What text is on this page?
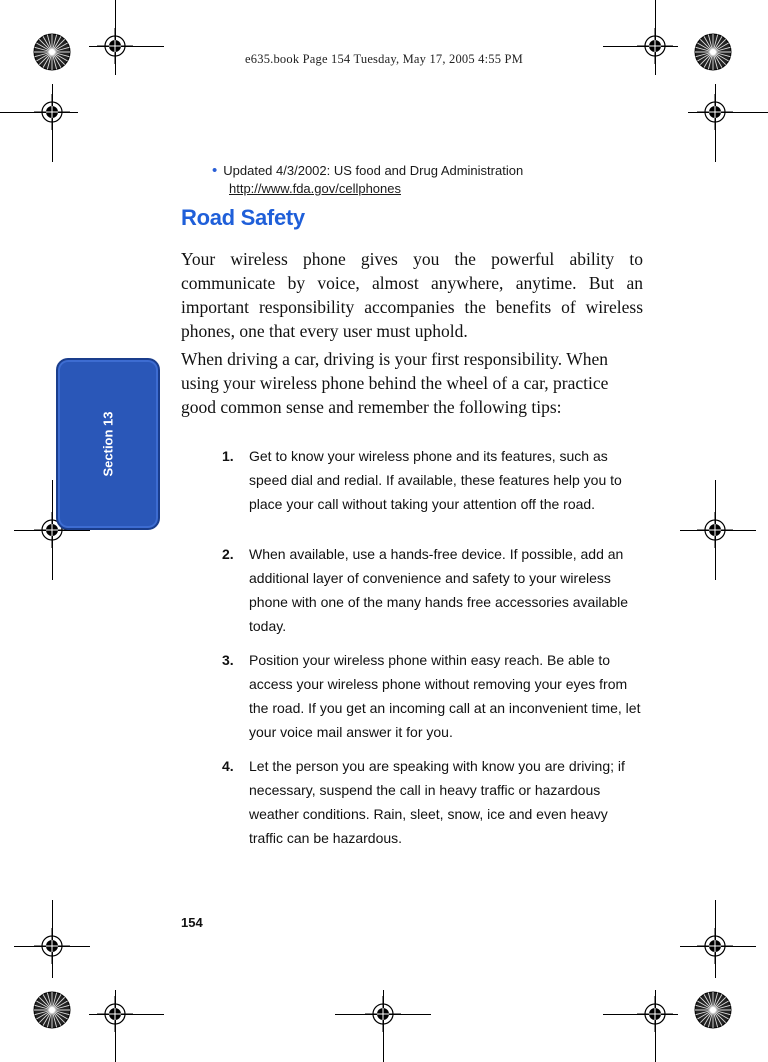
e635.book Page 154 Tuesday, May 17, 2005 4:55 PM
Section 13
• Updated 4/3/2002: US food and Drug Administration
http://www.fda.gov/cellphones
Road Safety
Your wireless phone gives you the powerful ability to communicate by voice, almost anywhere, anytime. But an important responsibility accompanies the benefits of wireless phones, one that every user must uphold.
When driving a car, driving is your first responsibility. When using your wireless phone behind the wheel of a car, practice good common sense and remember the following tips:
1.	Get to know your wireless phone and its features, such as speed dial and redial. If available, these features help you to place your call without taking your attention off the road.
2.	When available, use a hands-free device. If possible, add an additional layer of convenience and safety to your wireless phone with one of the many hands free accessories available today.
3.	Position your wireless phone within easy reach. Be able to access your wireless phone without removing your eyes from the road. If you get an incoming call at an inconvenient time, let your voice mail answer it for you.
4.	Let the person you are speaking with know you are driving; if necessary, suspend the call in heavy traffic or hazardous weather conditions. Rain, sleet, snow, ice and even heavy traffic can be hazardous.
154
